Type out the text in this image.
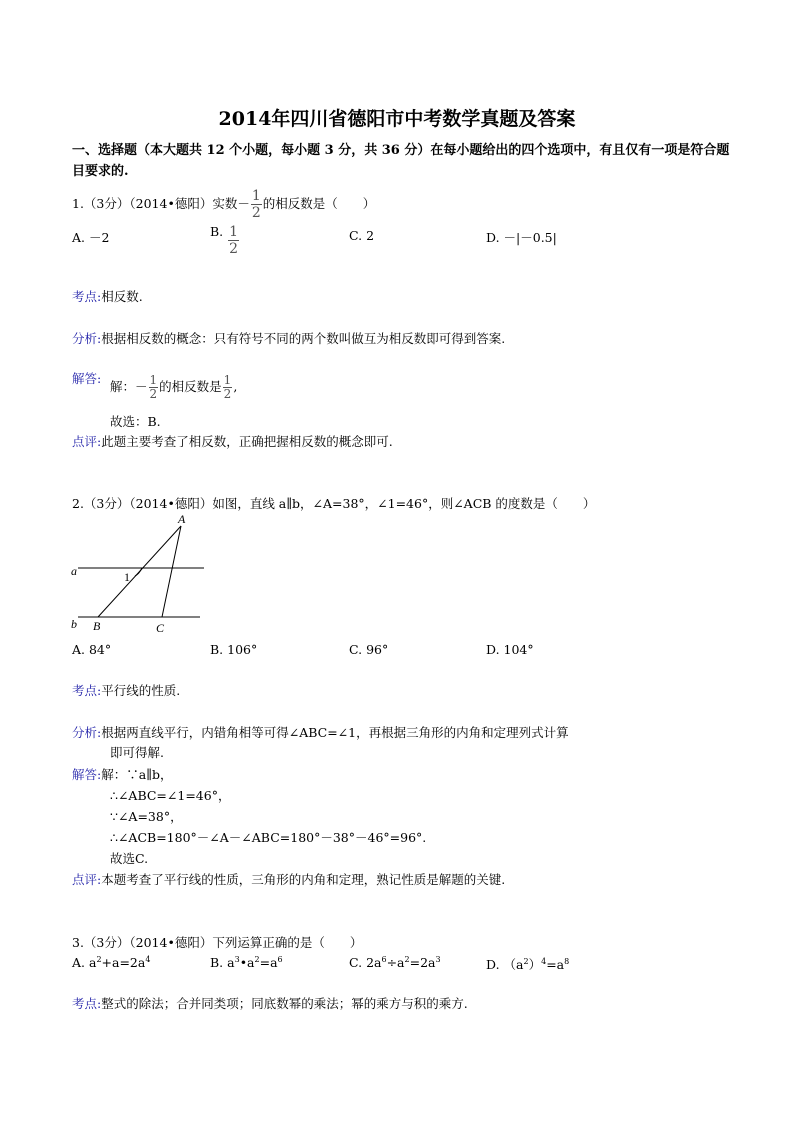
2014年四川省德阳市中考数学真题及答案
一、选择题（本大题共 12 个小题，每小题 3 分，共 36 分）在每小题给出的四个选项中，有且仅有一项是符合题目要求的.
1.（3分）（2014•德阳）实数－ $\frac{1}{2}$ 的相反数是（　　）
A. －2	B. $\frac{1}{2}$	C. 2	D. －|－0.5|
考点:相反数.
分析:根据相反数的概念：只有符号不同的两个数叫做互为相反数即可得到答案.
解答:
解：－ $\frac{1}{2}$ 的相反数是 $\frac{1}{2}$ ,
故选：B.
点评:此题主要考查了相反数，正确把握相反数的概念即可.
2.（3分）（2014•德阳）如图，直线 a∥b，∠A=38°，∠1=46°，则∠ACB 的度数是（　　）
A
a	1
b B	C
A. 84°	B. 106°	C. 96°	D. 104°
考点:平行线的性质.
分析:根据两直线平行，内错角相等可得∠ABC=∠1，再根据三角形的内角和定理列式计算
即可得解.
解答:解：∵a∥b，
∴∠ABC=∠1=46°，
∵∠A=38°，
∴∠ACB=180°－∠A－∠ABC=180°－38°－46°=96°.
故选C.
点评:本题考查了平行线的性质，三角形的内角和定理，熟记性质是解题的关键.
3.（3分）（2014•德阳）下列运算正确的是（　　）
A. $a^2+a=2a^4$	B. $a^3•a^2=a^6$	C. $2a^6\div a^2=2a^3$	D. $(a^2)^4=a^8$
考点:整式的除法；合并同类项；同底数幂的乘法；幂的乘方与积的乘方.
